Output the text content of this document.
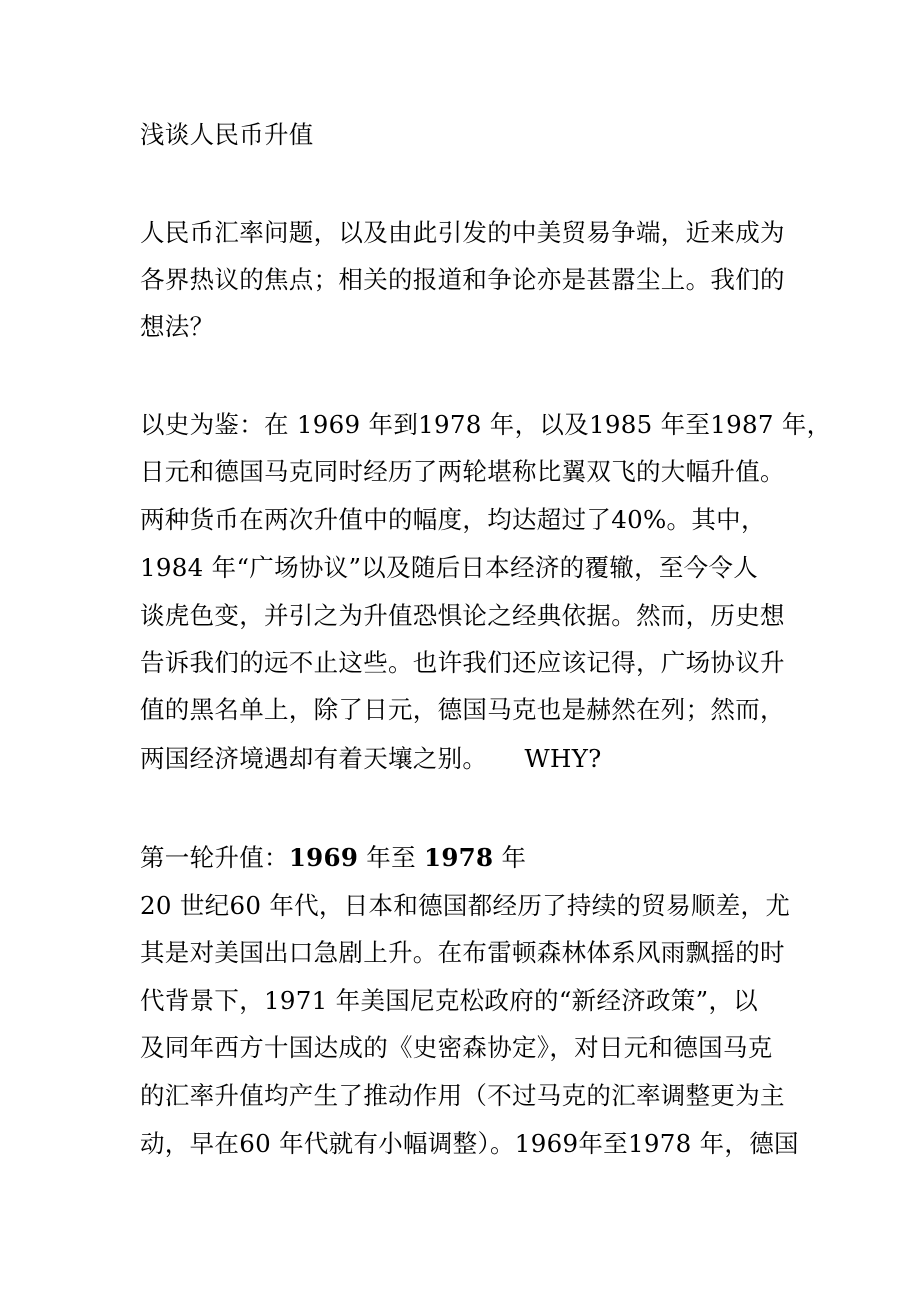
浅谈人民币升值
人民币汇率问题，以及由此引发的中美贸易争端，近来成为
各界热议的焦点；相关的报道和争论亦是甚嚣尘上。我们的
想法？
以史为鉴：在 1969 年到1978 年，以及1985 年至1987 年，
日元和德国马克同时经历了两轮堪称比翼双飞的大幅升值。
两种货币在两次升值中的幅度，均达超过了40%。其中，
1984 年“广场协议”以及随后日本经济的覆辙，至今令人
谈虎色变，并引之为升值恐惧论之经典依据。然而，历史想
告诉我们的远不止这些。也许我们还应该记得，广场协议升
值的黑名单上，除了日元，德国马克也是赫然在列；然而，
两国经济境遇却有着天壤之别。　　WHY?
第一轮升值：1969 年至 1978 年
20 世纪60 年代，日本和德国都经历了持续的贸易顺差，尤
其是对美国出口急剧上升。在布雷顿森林体系风雨飘摇的时
代背景下，1971 年美国尼克松政府的“新经济政策”，以
及同年西方十国达成的《史密森协定》，对日元和德国马克
的汇率升值均产生了推动作用（不过马克的汇率调整更为主
动，早在60 年代就有小幅调整）。1969年至1978 年，德国
